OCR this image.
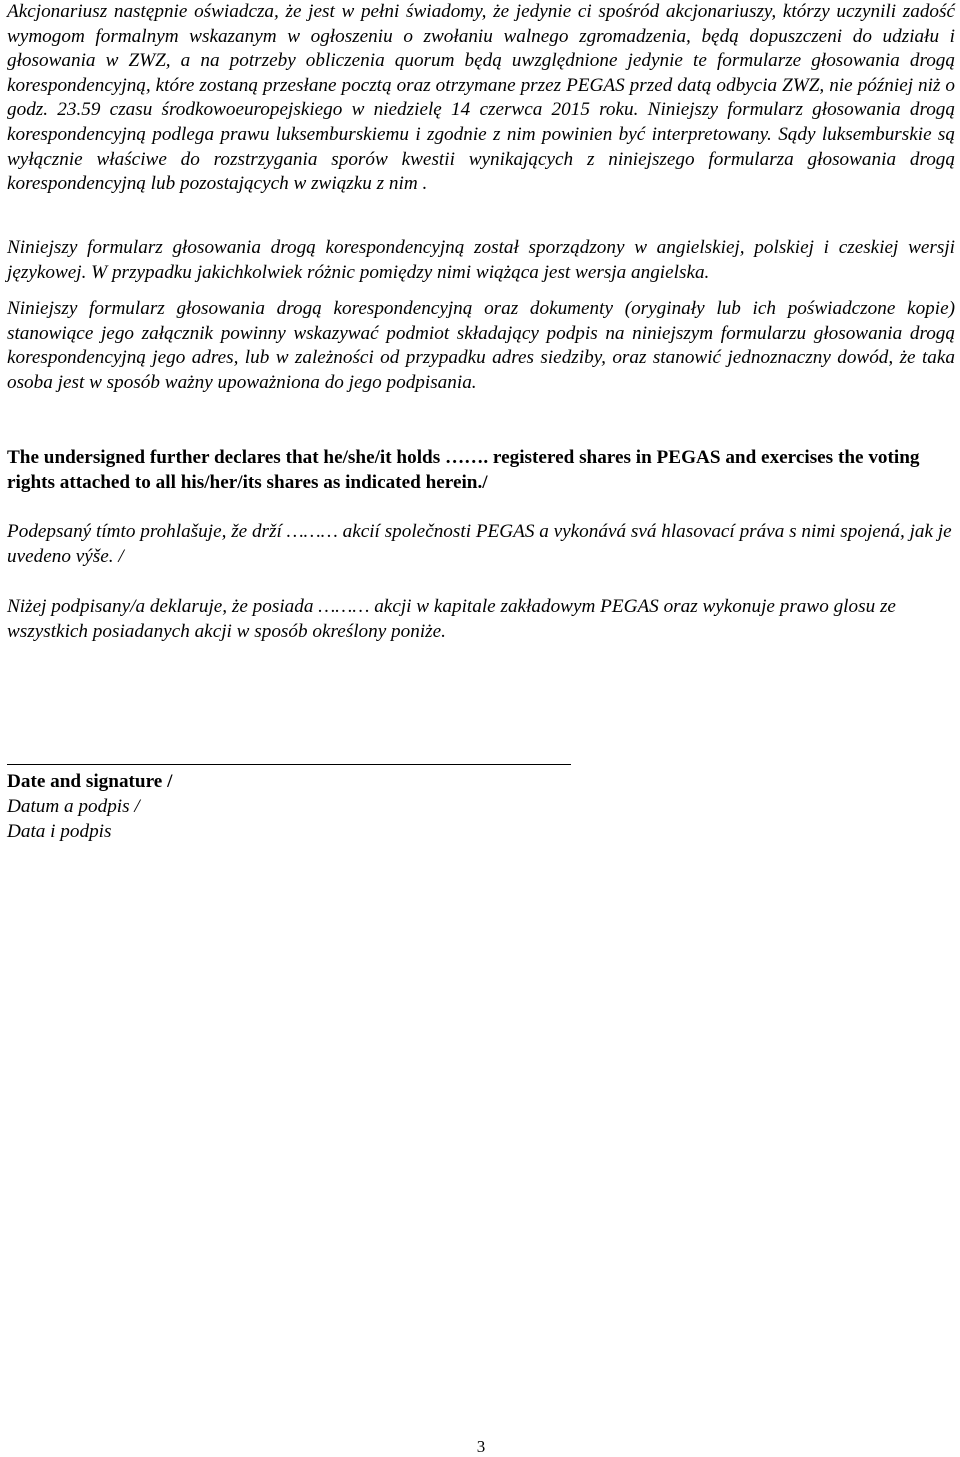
Akcjonariusz następnie oświadcza, że jest w pełni świadomy, że jedynie ci spośród akcjonariuszy, którzy uczynili zadość wymogom formalnym wskazanym w ogłoszeniu o zwołaniu walnego zgromadzenia, będą dopuszczeni do udziału i głosowania w ZWZ, a na potrzeby obliczenia quorum będą uwzględnione jedynie te formularze głosowania drogą korespondencyjną, które zostaną przesłane pocztą oraz otrzymane przez PEGAS przed datą odbycia ZWZ, nie później niż o godz. 23.59 czasu środkowoeuropejskiego w niedzielę 14 czerwca 2015 roku. Niniejszy formularz głosowania drogą korespondencyjną podlega prawu luksemburskiemu i zgodnie z nim powinien być interpretowany. Sądy luksemburskie są wyłącznie właściwe do rozstrzygania sporów kwestii wynikających z niniejszego formularza głosowania drogą korespondencyjną lub pozostających w związku z nim .

Niniejszy formularz głosowania drogą korespondencyjną został sporządzony w angielskiej, polskiej i czeskiej wersji językowej. W przypadku jakichkolwiek różnic pomiędzy nimi wiążąca jest wersja angielska.

Niniejszy formularz głosowania drogą korespondencyjną oraz dokumenty (oryginały lub ich poświadczone kopie) stanowiące jego załącznik powinny wskazywać podmiot składający podpis na niniejszym formularzu głosowania drogą korespondencyjną jego adres, lub w zależności od przypadku adres siedziby, oraz stanowić jednoznaczny dowód, że taka osoba jest w sposób ważny upoważniona do jego podpisania.

The undersigned further declares that he/she/it holds ……. registered shares in PEGAS and exercises the voting rights attached to all his/her/its shares as indicated herein./

Podepsaný tímto prohlašuje, že drží ……… akcií společnosti PEGAS a vykonává svá hlasovací práva s nimi spojená, jak je uvedeno výše. /

Niżej podpisany/a deklaruje, że posiada ……… akcji w kapitale zakładowym PEGAS oraz wykonuje prawo glosu ze wszystkich posiadanych akcji w sposób określony poniże.

Date and signature /

Datum a podpis /

Data i podpis

3
